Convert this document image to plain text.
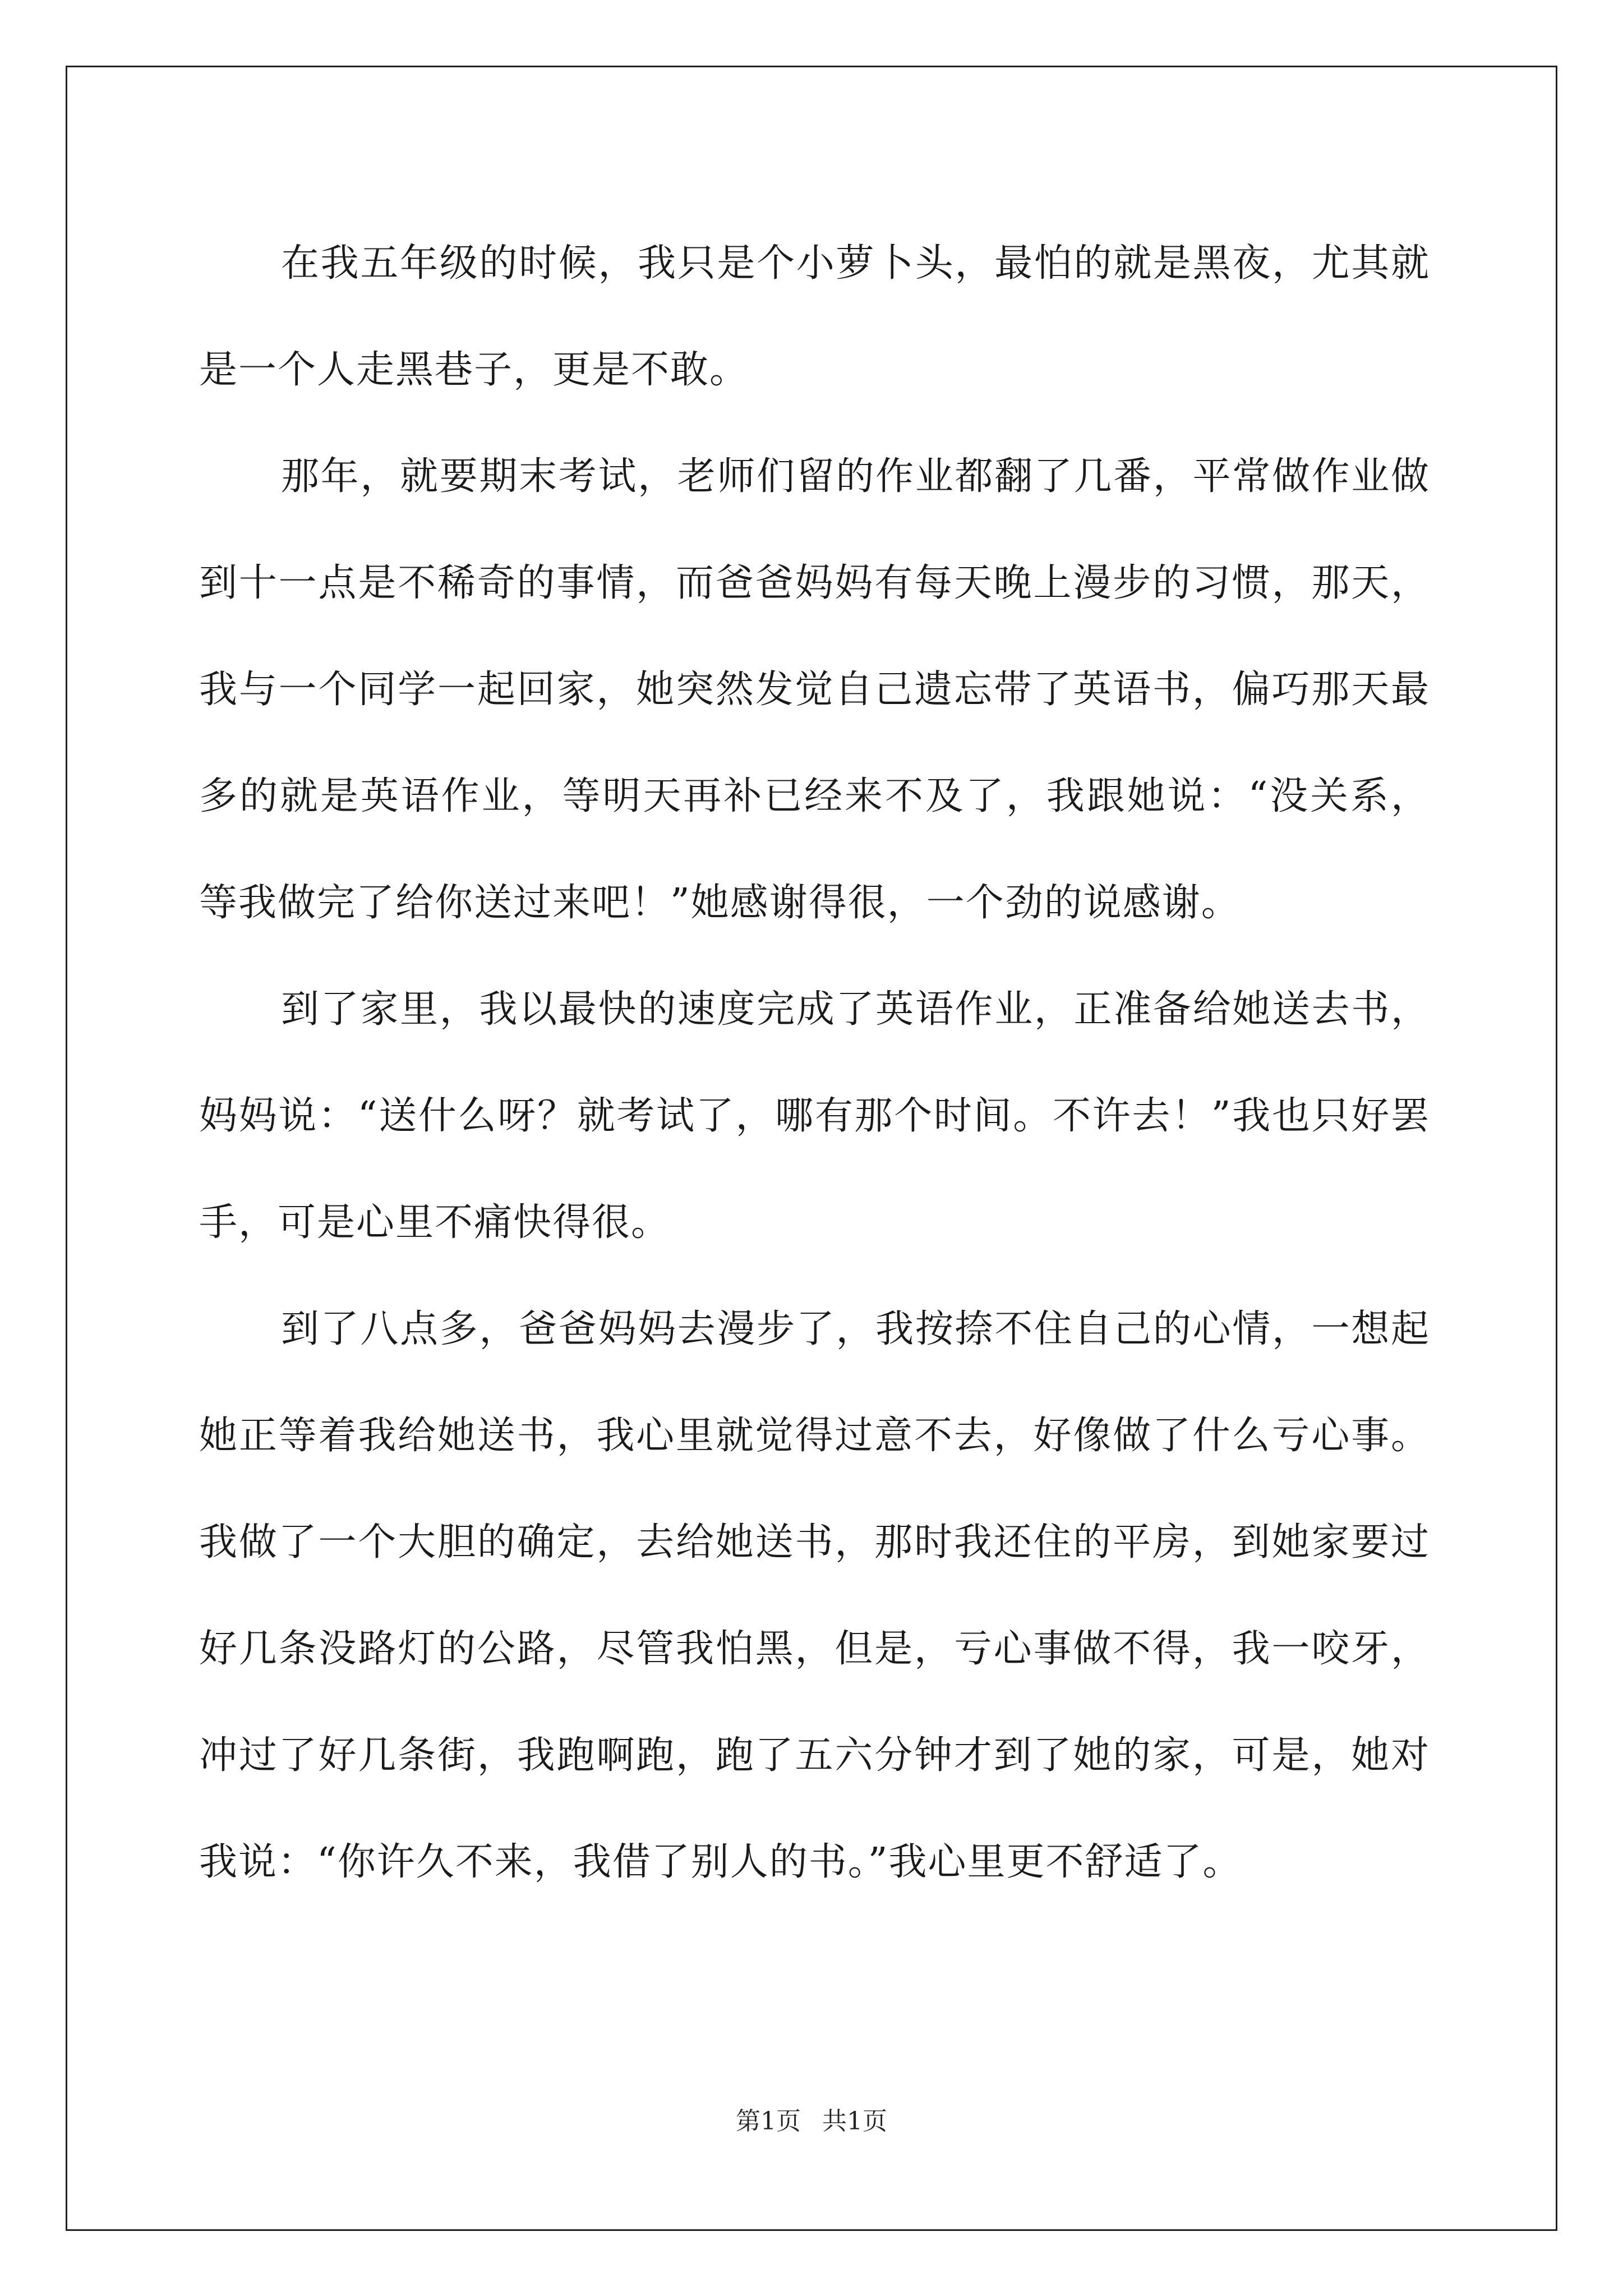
在我五年级的时候，我只是个小萝卜头，最怕的就是黑夜，尤其就是一个人走黑巷子，更是不敢。

那年，就要期末考试，老师们留的作业都翻了几番，平常做作业做到十一点是不稀奇的事情，而爸爸妈妈有每天晚上漫步的习惯，那天，我与一个同学一起回家，她突然发觉自己遗忘带了英语书，偏巧那天最多的就是英语作业，等明天再补已经来不及了，我跟她说：“没关系，等我做完了给你送过来吧！”她感谢得很，一个劲的说感谢。

到了家里，我以最快的速度完成了英语作业，正准备给她送去书，妈妈说：“送什么呀？就考试了，哪有那个时间。不许去！”我也只好罢手，可是心里不痛快得很。

到了八点多，爸爸妈妈去漫步了，我按捺不住自己的心情，一想起她正等着我给她送书，我心里就觉得过意不去，好像做了什么亏心事。我做了一个大胆的确定，去给她送书，那时我还住的平房，到她家要过好几条没路灯的公路，尽管我怕黑，但是，亏心事做不得，我一咬牙，冲过了好几条街，我跑啊跑，跑了五六分钟才到了她的家，可是，她对我说：“你许久不来，我借了别人的书。”我心里更不舒适了。

第1页 共1页
